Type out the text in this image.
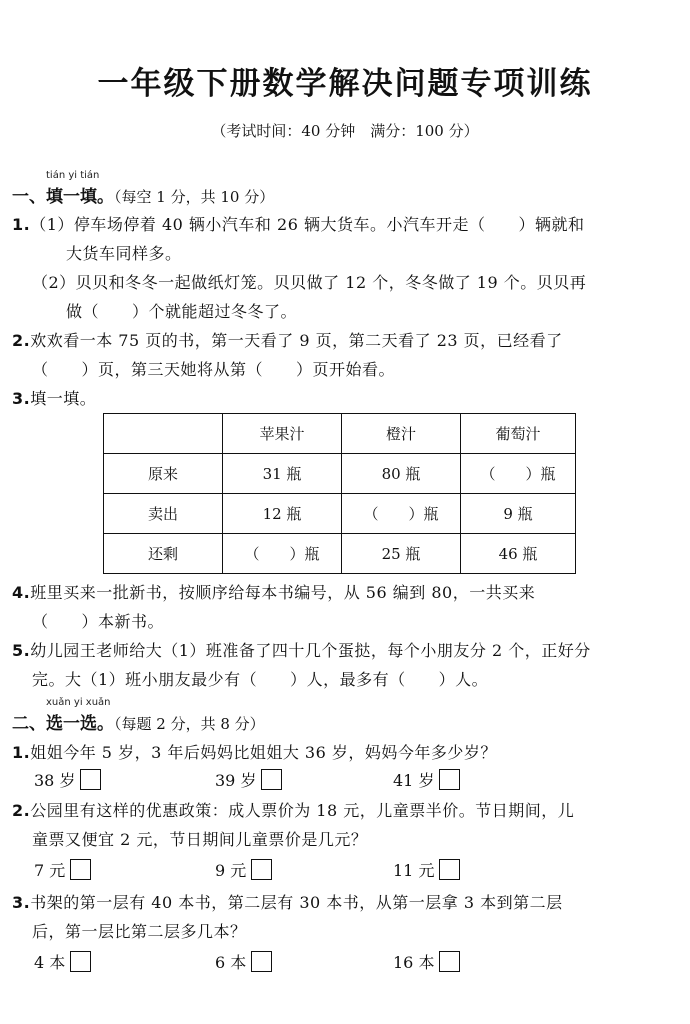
一年级下册数学解决问题专项训练
（考试时间：40 分钟　满分：100 分）
tián yi tián
一、填一填。（每空 1 分，共 10 分）
1.（1）停车场停着 40 辆小汽车和 26 辆大货车。小汽车开走（　　）辆就和
大货车同样多。
（2）贝贝和冬冬一起做纸灯笼。贝贝做了 12 个，冬冬做了 19 个。贝贝再
做（　　）个就能超过冬冬了。
2.欢欢看一本 75 页的书，第一天看了 9 页，第二天看了 23 页，已经看了
（　　）页，第三天她将从第（　　）页开始看。
3.填一填。
	苹果汁	橙汁	葡萄汁
原来	31 瓶	80 瓶	（　　）瓶
卖出	12 瓶	（　　）瓶	9 瓶
还剩	（　　）瓶	25 瓶	46 瓶
4.班里买来一批新书，按顺序给每本书编号，从 56 编到 80，一共买来
（　　）本新书。
5.幼儿园王老师给大（1）班准备了四十几个蛋挞，每个小朋友分 2 个，正好分
完。大（1）班小朋友最少有（　　）人，最多有（　　）人。
xuǎn yi xuǎn
二、选一选。（每题 2 分，共 8 分）
1.姐姐今年 5 岁，3 年后妈妈比姐姐大 36 岁，妈妈今年多少岁？
38 岁	39 岁	41 岁
2.公园里有这样的优惠政策：成人票价为 18 元，儿童票半价。节日期间，儿
童票又便宜 2 元，节日期间儿童票价是几元？
7 元	9 元	11 元
3.书架的第一层有 40 本书，第二层有 30 本书，从第一层拿 3 本到第二层
后，第一层比第二层多几本？
4 本	6 本	16 本
